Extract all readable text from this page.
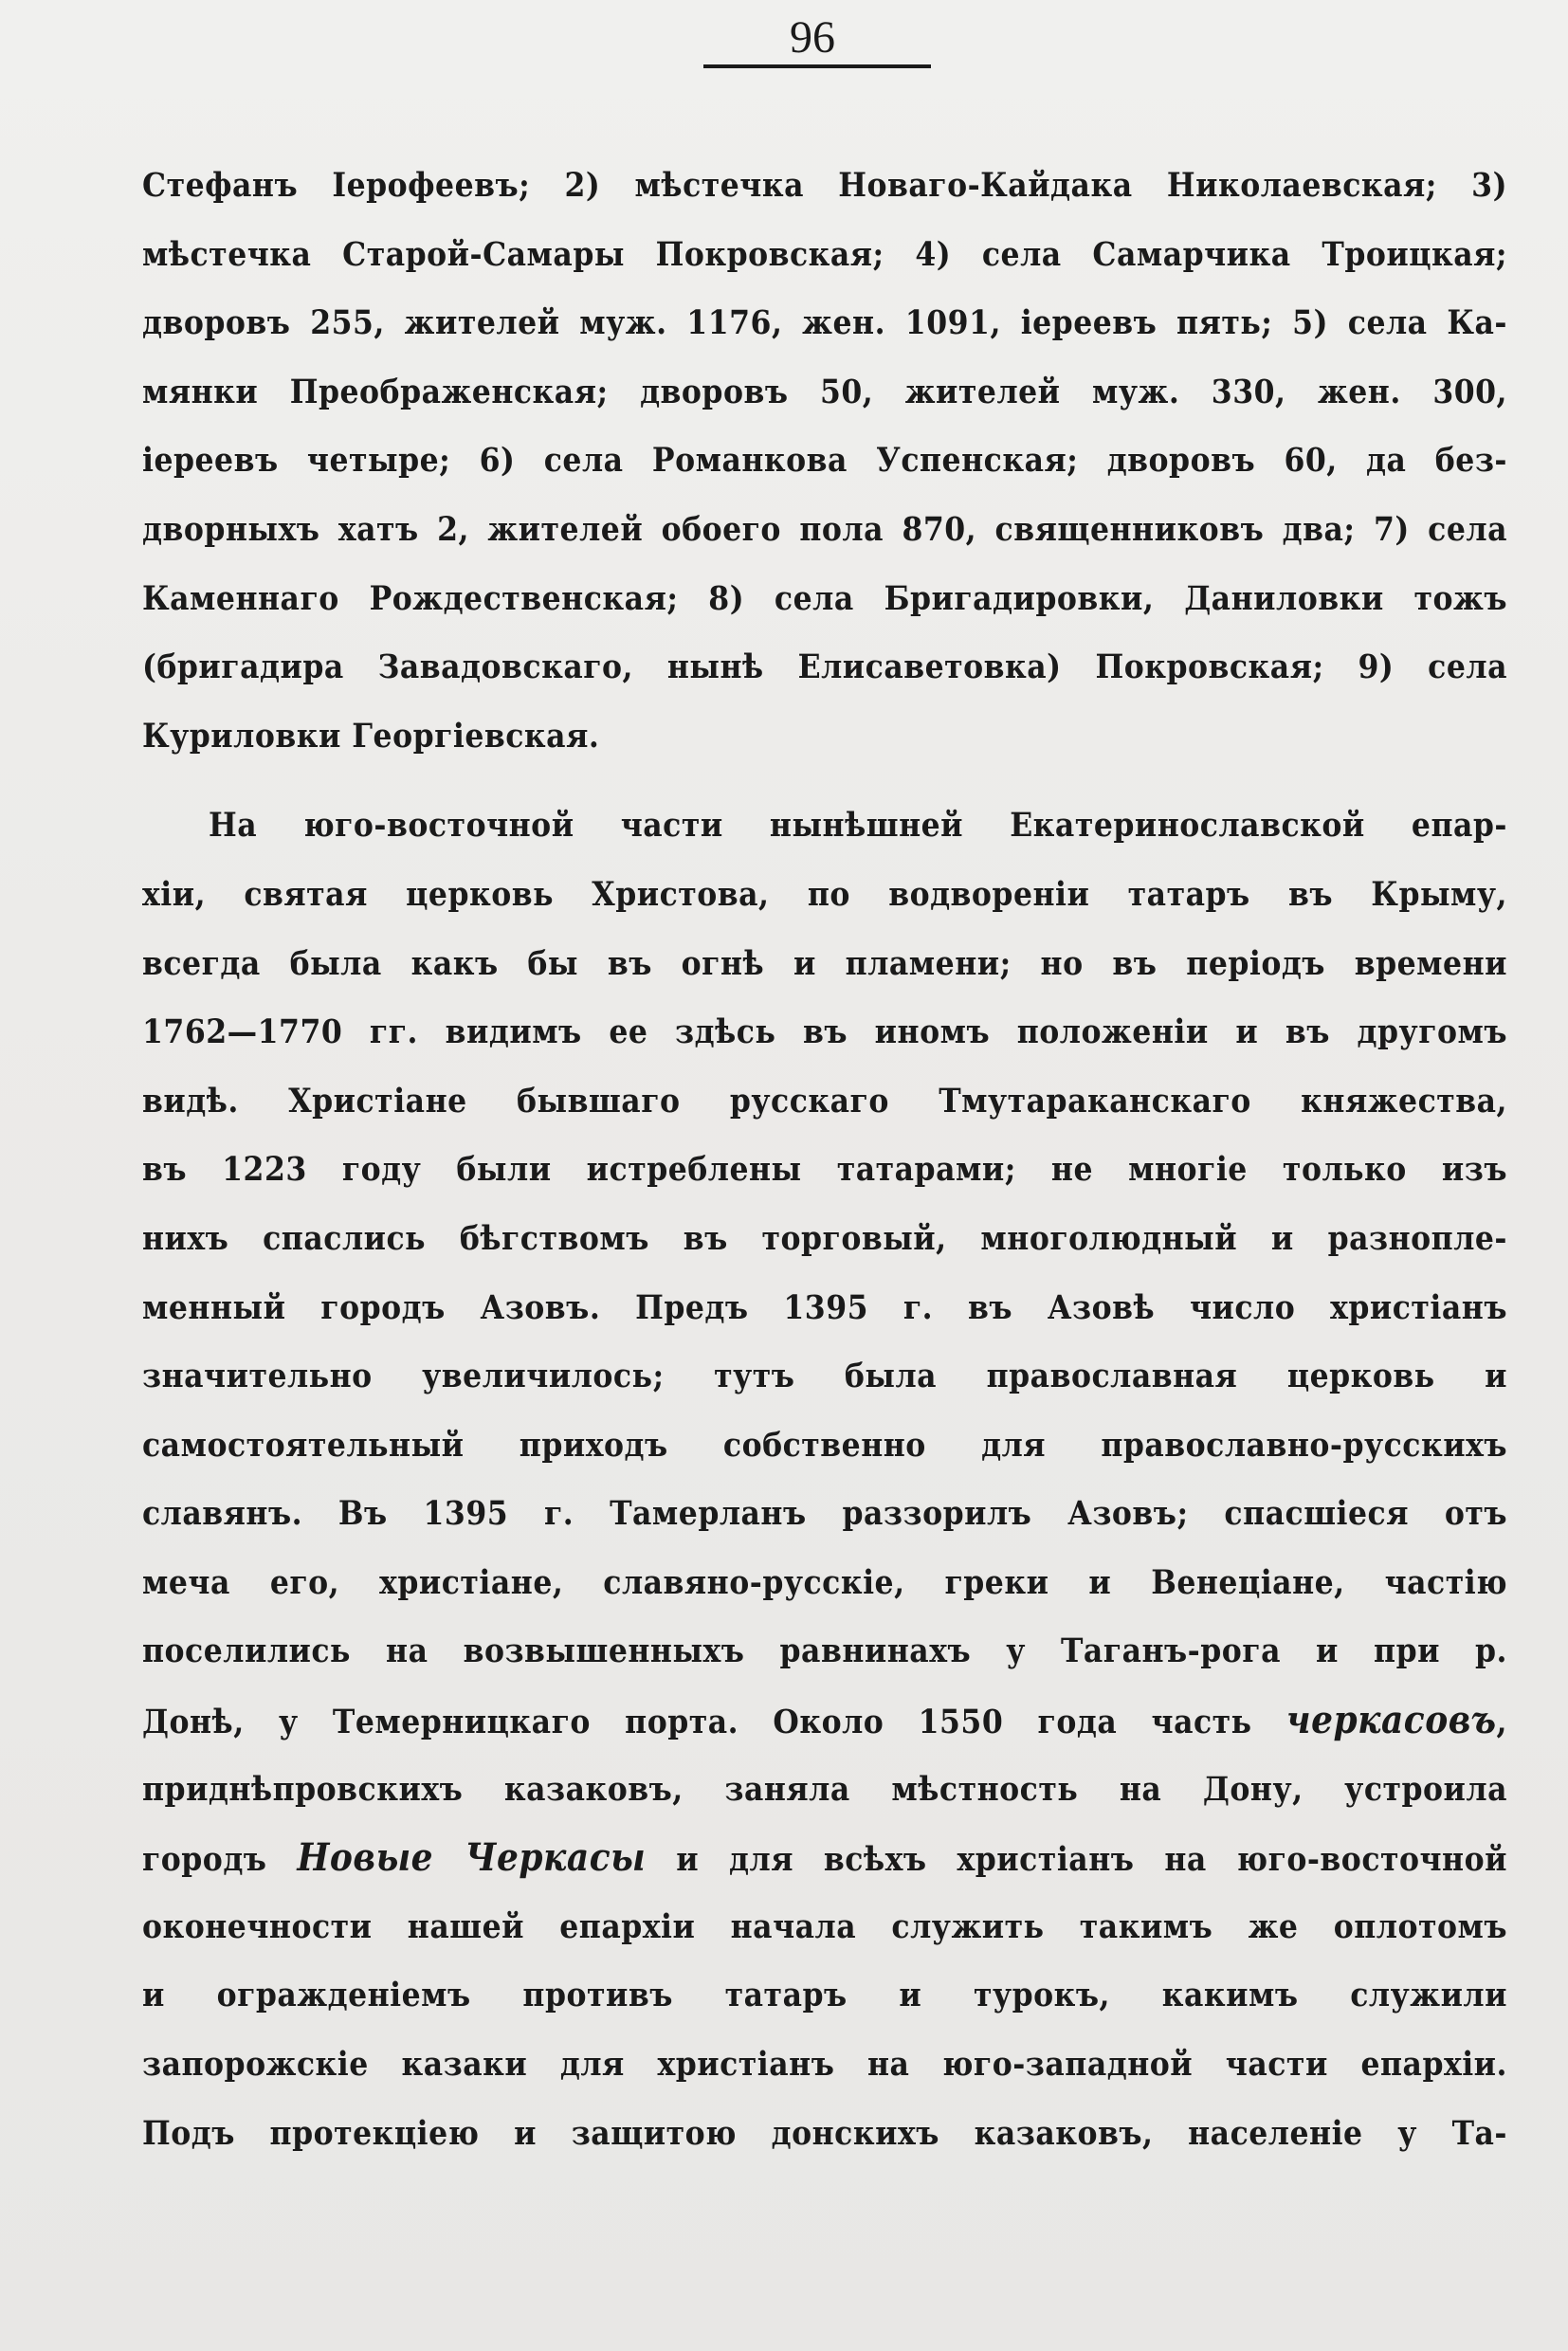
96
Стефанъ Іерофеевъ; 2) мѣстечка Новаго-Кайдака Николаевская; 3)
мѣстечка Старой-Самары Покровская; 4) села Самарчика Троицкая;
дворовъ 255, жителей муж. 1176, жен. 1091, іереевъ пять; 5) села Ка-
мянки Преображенская; дворовъ 50, жителей муж. 330, жен. 300,
іереевъ четыре; 6) села Романкова Успенская; дворовъ 60, да без-
дворныхъ хатъ 2, жителей обоего пола 870, священниковъ два; 7) села
Каменнаго Рождественская; 8) села Бригадировки, Даниловки тожъ
(бригадира Завадовскаго, нынѣ Елисаветовка) Покровская; 9) села
Куриловки Георгіевская.
На юго-восточной части нынѣшней Екатеринославской епар-
хіи, святая церковь Христова, по водвореніи татаръ въ Крыму,
всегда была какъ бы въ огнѣ и пламени; но въ періодъ времени
1762—1770 гг. видимъ ее здѣсь въ иномъ положеніи и въ другомъ
видѣ. Христіане бывшаго русскаго Тмутараканскаго княжества,
въ 1223 году были истреблены татарами; не многіе только изъ
нихъ спаслись бѣгствомъ въ торговый, многолюдный и разнопле-
менный городъ Азовъ. Предъ 1395 г. въ Азовѣ число христіанъ
значительно увеличилось; тутъ была православная церковь и
самостоятельный приходъ собственно для православно-русскихъ
славянъ. Въ 1395 г. Тамерланъ раззорилъ Азовъ; спасшіеся отъ
меча его, христіане, славяно-русскіе, греки и Венеціане, частію
поселились на возвышенныхъ равнинахъ у Таганъ-рога и при р.
Донѣ, у Темерницкаго порта. Около 1550 года часть черкасовъ,
приднѣпровскихъ казаковъ, заняла мѣстность на Дону, устроила
городъ Новые Черкасы и для всѣхъ христіанъ на юго-восточной
оконечности нашей епархіи начала служить такимъ же оплотомъ
и огражденіемъ противъ татаръ и турокъ, какимъ служили
запорожскіе казаки для христіанъ на юго-западной части епархіи.
Подъ протекціею и защитою донскихъ казаковъ, населеніе у Та-
